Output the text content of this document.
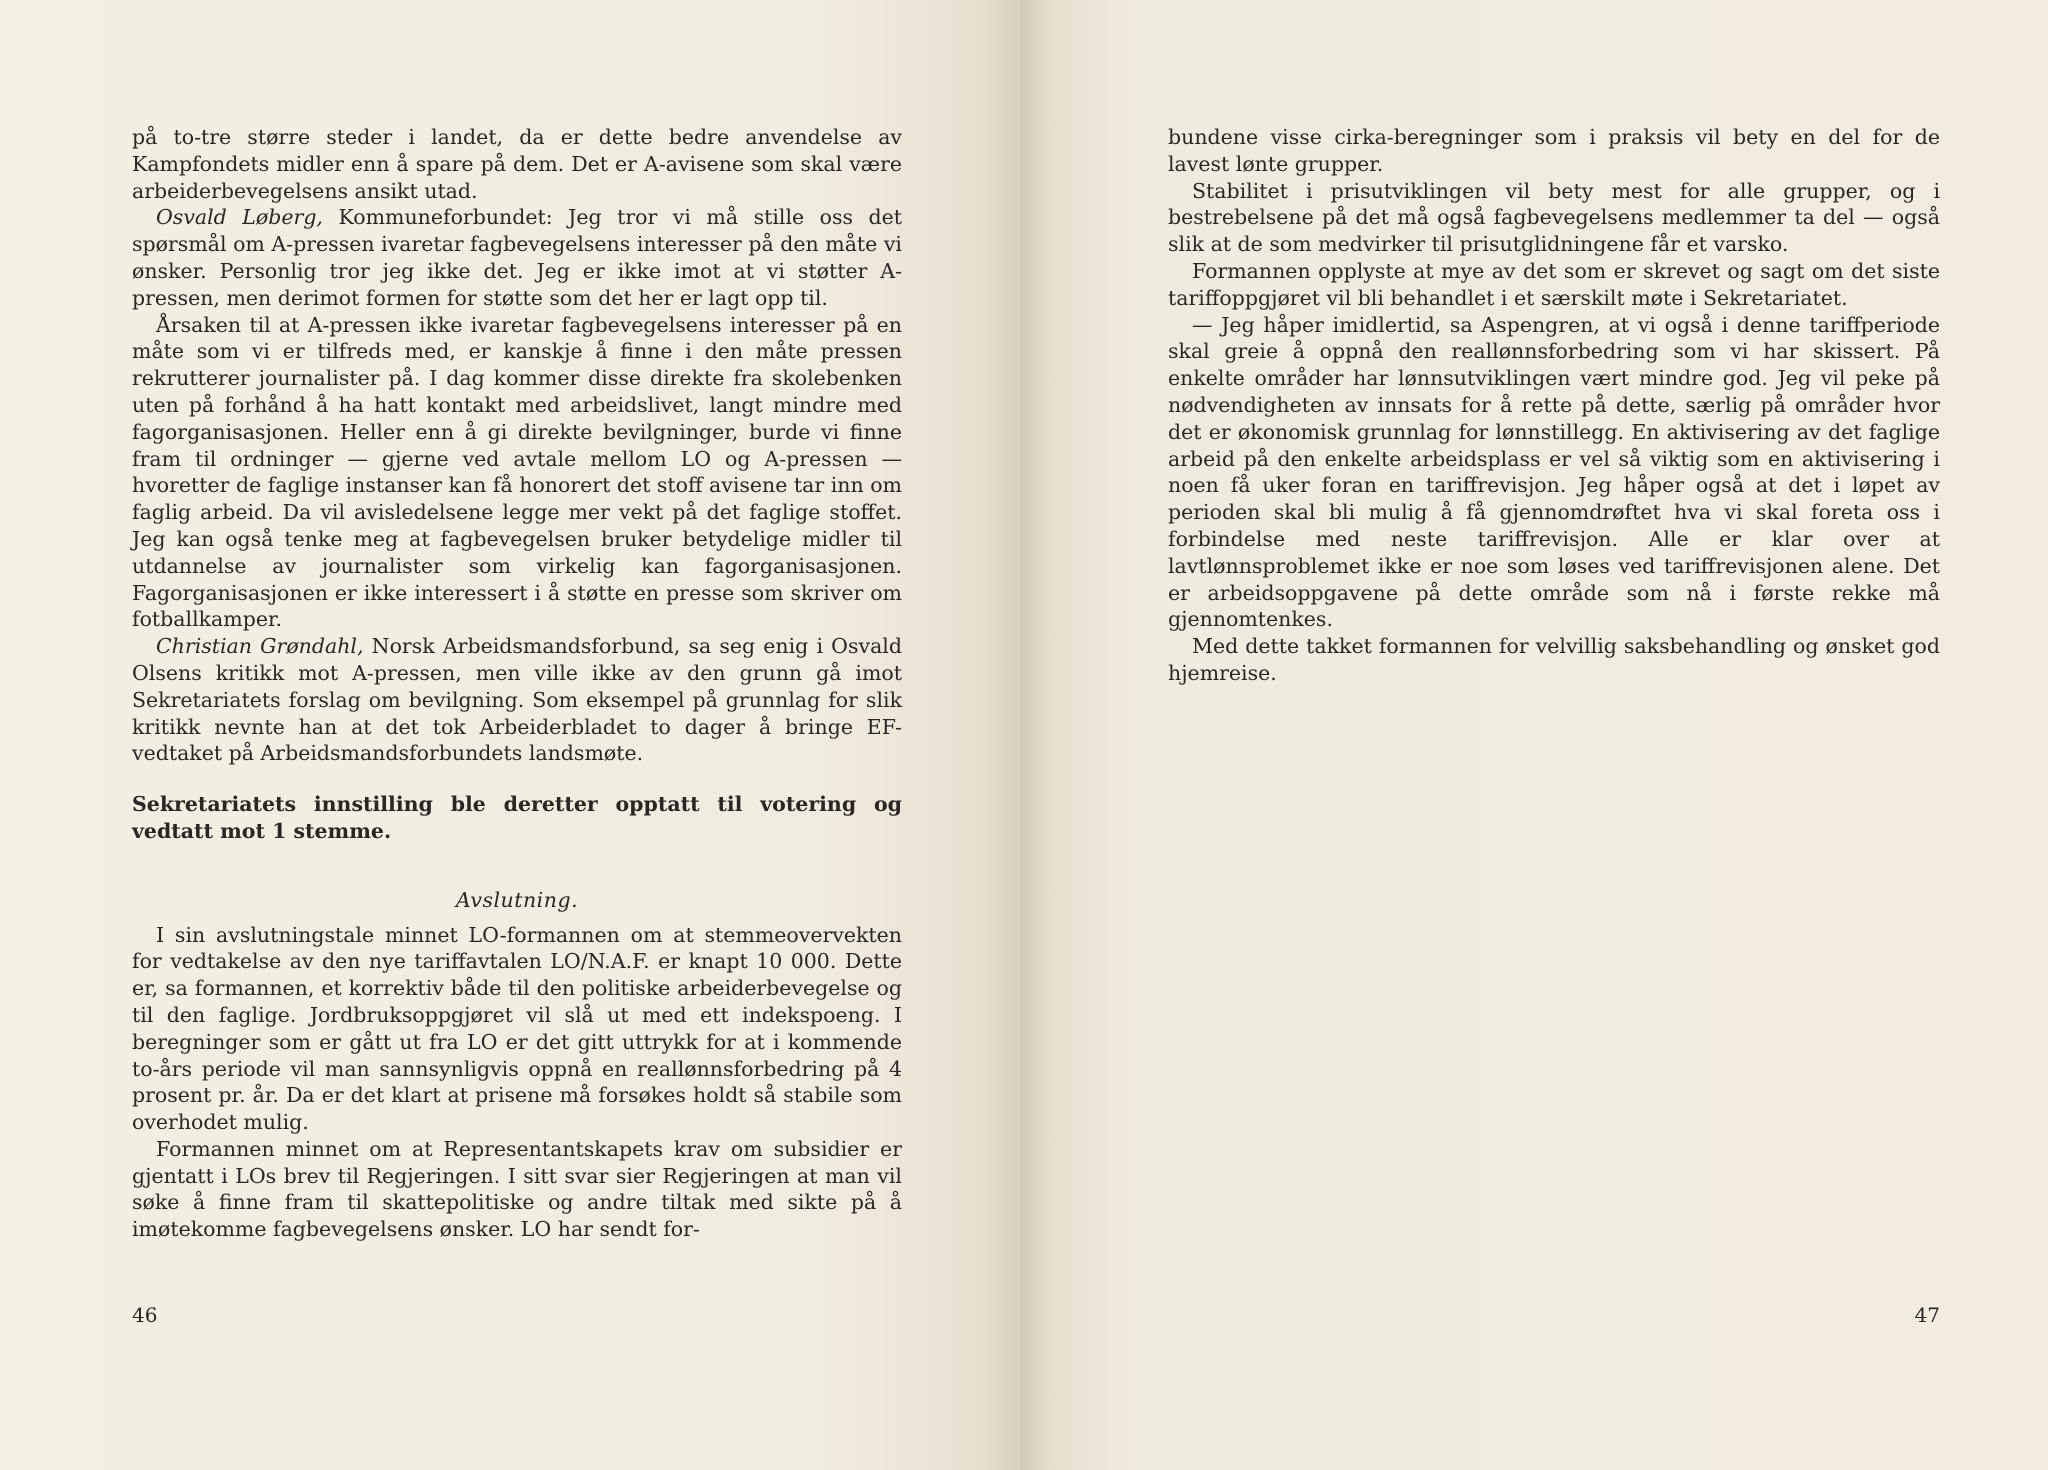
på to-tre større steder i landet, da er dette bedre anvendelse av Kampfondets midler enn å spare på dem. Det er A-avisene som skal være arbeiderbevegelsens ansikt utad.

Osvald Løberg, Kommuneforbundet: Jeg tror vi må stille oss det spørsmål om A-pressen ivaretar fagbevegelsens interesser på den måte vi ønsker. Personlig tror jeg ikke det. Jeg er ikke imot at vi støtter A-pressen, men derimot formen for støtte som det her er lagt opp til.

Årsaken til at A-pressen ikke ivaretar fagbevegelsens interesser på en måte som vi er tilfreds med, er kanskje å finne i den måte pressen rekrutterer journalister på. I dag kommer disse direkte fra skolebenken uten på forhånd å ha hatt kontakt med arbeidslivet, langt mindre med fagorganisasjonen. Heller enn å gi direkte bevilgninger, burde vi finne fram til ordninger — gjerne ved avtale mellom LO og A-pressen — hvoretter de faglige instanser kan få honorert det stoff avisene tar inn om faglig arbeid. Da vil avisledelsene legge mer vekt på det faglige stoffet. Jeg kan også tenke meg at fagbevegelsen bruker betydelige midler til utdannelse av journalister som virkelig kan fagorganisasjonen. Fagorganisasjonen er ikke interessert i å støtte en presse som skriver om fotballkamper.

Christian Grøndahl, Norsk Arbeidsmandsforbund, sa seg enig i Osvald Olsens kritikk mot A-pressen, men ville ikke av den grunn gå imot Sekretariatets forslag om bevilgning. Som eksempel på grunnlag for slik kritikk nevnte han at det tok Arbeiderbladet to dager å bringe EF-vedtaket på Arbeidsmandsforbundets landsmøte.

Sekretariatets innstilling ble deretter opptatt til votering og vedtatt mot 1 stemme.

Avslutning.

I sin avslutningstale minnet LO-formannen om at stemmeovervekten for vedtakelse av den nye tariffavtalen LO/N.A.F. er knapt 10 000. Dette er, sa formannen, et korrektiv både til den politiske arbeiderbevegelse og til den faglige. Jordbruksoppgjøret vil slå ut med ett indekspoeng. I beregninger som er gått ut fra LO er det gitt uttrykk for at i kommende to-års periode vil man sannsynligvis oppnå en reallønnsforbedring på 4 prosent pr. år. Da er det klart at prisene må forsøkes holdt så stabile som overhodet mulig.

Formannen minnet om at Representantskapets krav om subsidier er gjentatt i LOs brev til Regjeringen. I sitt svar sier Regjeringen at man vil søke å finne fram til skattepolitiske og andre tiltak med sikte på å imøtekomme fagbevegelsens ønsker. LO har sendt for-

46

bundene visse cirka-beregninger som i praksis vil bety en del for de lavest lønte grupper.

Stabilitet i prisutviklingen vil bety mest for alle grupper, og i bestrebelsene på det må også fagbevegelsens medlemmer ta del — også slik at de som medvirker til prisutglidningene får et varsko.

Formannen opplyste at mye av det som er skrevet og sagt om det siste tariffoppgjøret vil bli behandlet i et særskilt møte i Sekretariatet.

— Jeg håper imidlertid, sa Aspengren, at vi også i denne tariffperiode skal greie å oppnå den reallønnsforbedring som vi har skissert. På enkelte områder har lønnsutviklingen vært mindre god. Jeg vil peke på nødvendigheten av innsats for å rette på dette, særlig på områder hvor det er økonomisk grunnlag for lønnstillegg. En aktivisering av det faglige arbeid på den enkelte arbeidsplass er vel så viktig som en aktivisering i noen få uker foran en tariffrevisjon. Jeg håper også at det i løpet av perioden skal bli mulig å få gjennomdrøftet hva vi skal foreta oss i forbindelse med neste tariffrevisjon. Alle er klar over at lavtlønnsproblemet ikke er noe som løses ved tariffrevisjonen alene. Det er arbeidsoppgavene på dette område som nå i første rekke må gjennomtenkes.

Med dette takket formannen for velvillig saksbehandling og ønsket god hjemreise.

47
